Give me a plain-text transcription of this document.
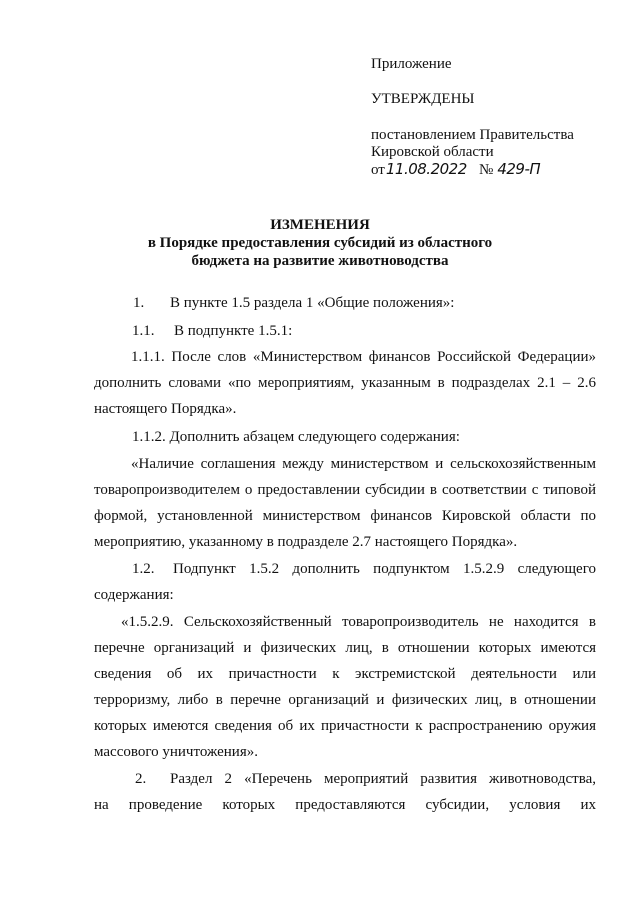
Приложение
УТВЕРЖДЕНЫ
постановлением Правительства
Кировской области
от11.08.2022 № 429-П
ИЗМЕНЕНИЯ
в Порядке предоставления субсидий из областного
бюджета на развитие животноводства
1. В пункте 1.5 раздела 1 «Общие положения»:
1.1. В подпункте 1.5.1:
1.1.1. После слов «Министерством финансов Российской Федерации»
дополнить словами «по мероприятиям, указанным в подразделах 2.1 – 2.6
настоящего Порядка».
1.1.2. Дополнить абзацем следующего содержания:
«Наличие соглашения между министерством и сельскохозяйственным
товаропроизводителем о предоставлении субсидии в соответствии с типовой
формой, установленной министерством финансов Кировской области по
мероприятию, указанному в подразделе 2.7 настоящего Порядка».
1.2. Подпункт 1.5.2 дополнить подпунктом 1.5.2.9 следующего
содержания:
«1.5.2.9. Сельскохозяйственный товаропроизводитель не находится в
перечне организаций и физических лиц, в отношении которых имеются
сведения об их причастности к экстремистской деятельности или
терроризму, либо в перечне организаций и физических лиц, в отношении
которых имеются сведения об их причастности к распространению оружия
массового уничтожения».
2. Раздел 2 «Перечень мероприятий развития животноводства,
на проведение которых предоставляются субсидии, условия их
